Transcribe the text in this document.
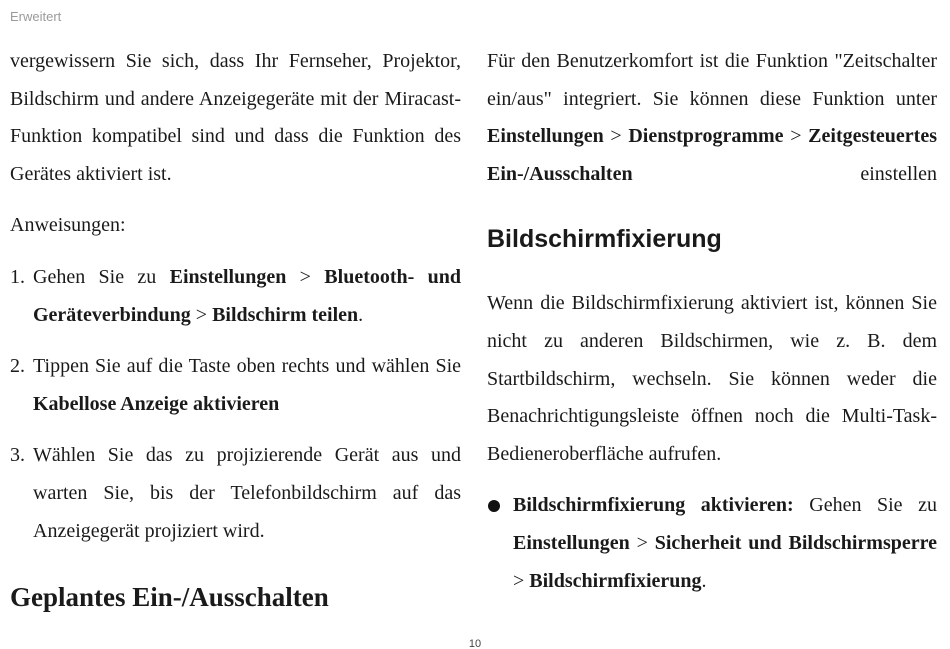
Erweitert

vergewissern Sie sich, dass Ihr Fernseher, Projektor, Bildschirm und andere Anzeigegeräte mit der Miracast-Funktion kompatibel sind und dass die Funktion des Gerätes aktiviert ist.

Anweisungen:

1. Gehen Sie zu Einstellungen > Bluetooth- und Geräteverbindung > Bildschirm teilen.
2. Tippen Sie auf die Taste oben rechts und wählen Sie Kabellose Anzeige aktivieren
3. Wählen Sie das zu projizierende Gerät aus und warten Sie, bis der Telefonbildschirm auf das Anzeigegerät projiziert wird.
Geplantes Ein-/Ausschalten

Für den Benutzerkomfort ist die Funktion "Zeitschalter ein/aus" integriert. Sie können diese Funktion unter Einstellungen > Dienstprogramme > Zeitgesteuertes Ein-/Ausschalten einstellen

Bildschirmfixierung

Wenn die Bildschirmfixierung aktiviert ist, können Sie nicht zu anderen Bildschirmen, wie z. B. dem Startbildschirm, wechseln. Sie können weder die Benachrichtigungsleiste öffnen noch die Multi-Task-Bedieneroberfläche aufrufen.

Bildschirmfixierung aktivieren: Gehen Sie zu Einstellungen > Sicherheit und Bildschirmsperre > Bildschirmfixierung.
10
